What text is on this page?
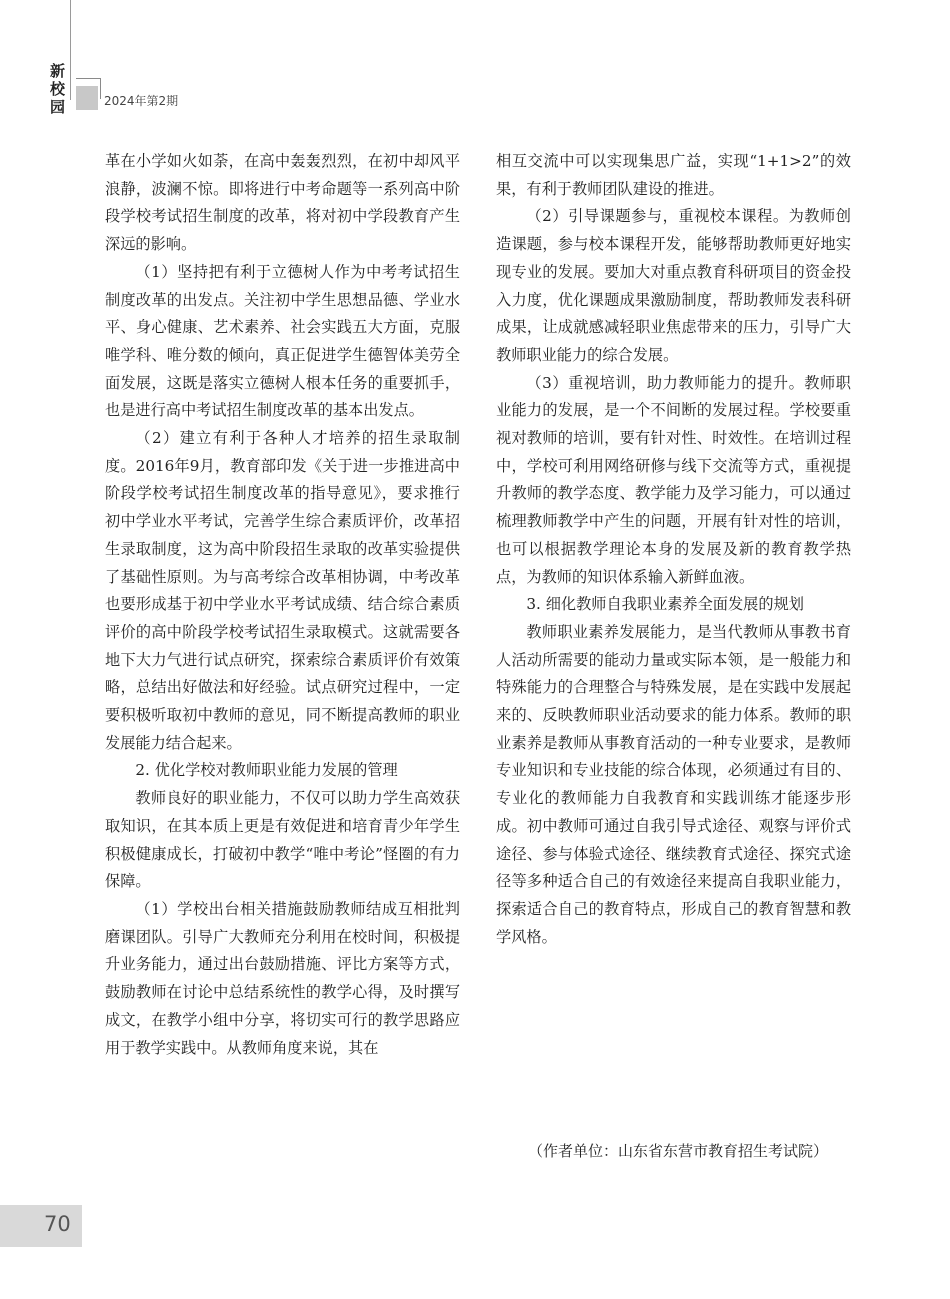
新
校
园	2024年第2期

革在小学如火如荼，在高中轰轰烈烈，在初中却风平浪静，波澜不惊。即将进行中考命题等一系列高中阶段学校考试招生制度的改革，将对初中学段教育产生深远的影响。

（1）坚持把有利于立德树人作为中考考试招生制度改革的出发点。关注初中学生思想品德、学业水平、身心健康、艺术素养、社会实践五大方面，克服唯学科、唯分数的倾向，真正促进学生德智体美劳全面发展，这既是落实立德树人根本任务的重要抓手，也是进行高中考试招生制度改革的基本出发点。

（2）建立有利于各种人才培养的招生录取制度。2016年9月，教育部印发《关于进一步推进高中阶段学校考试招生制度改革的指导意见》，要求推行初中学业水平考试，完善学生综合素质评价，改革招生录取制度，这为高中阶段招生录取的改革实验提供了基础性原则。为与高考综合改革相协调，中考改革也要形成基于初中学业水平考试成绩、结合综合素质评价的高中阶段学校考试招生录取模式。这就需要各地下大力气进行试点研究，探索综合素质评价有效策略，总结出好做法和好经验。试点研究过程中，一定要积极听取初中教师的意见，同不断提高教师的职业发展能力结合起来。

2. 优化学校对教师职业能力发展的管理

教师良好的职业能力，不仅可以助力学生高效获取知识，在其本质上更是有效促进和培育青少年学生积极健康成长，打破初中教学“唯中考论”怪圈的有力保障。

（1）学校出台相关措施鼓励教师结成互相批判磨课团队。引导广大教师充分利用在校时间，积极提升业务能力，通过出台鼓励措施、评比方案等方式，鼓励教师在讨论中总结系统性的教学心得，及时撰写成文，在教学小组中分享，将切实可行的教学思路应用于教学实践中。从教师角度来说，其在

相互交流中可以实现集思广益，实现“1+1>2”的效果，有利于教师团队建设的推进。

（2）引导课题参与，重视校本课程。为教师创造课题，参与校本课程开发，能够帮助教师更好地实现专业的发展。要加大对重点教育科研项目的资金投入力度，优化课题成果激励制度，帮助教师发表科研成果，让成就感减轻职业焦虑带来的压力，引导广大教师职业能力的综合发展。

（3）重视培训，助力教师能力的提升。教师职业能力的发展，是一个不间断的发展过程。学校要重视对教师的培训，要有针对性、时效性。在培训过程中，学校可利用网络研修与线下交流等方式，重视提升教师的教学态度、教学能力及学习能力，可以通过梳理教师教学中产生的问题，开展有针对性的培训，也可以根据教学理论本身的发展及新的教育教学热点，为教师的知识体系输入新鲜血液。

3. 细化教师自我职业素养全面发展的规划

教师职业素养发展能力，是当代教师从事教书育人活动所需要的能动力量或实际本领，是一般能力和特殊能力的合理整合与特殊发展，是在实践中发展起来的、反映教师职业活动要求的能力体系。教师的职业素养是教师从事教育活动的一种专业要求，是教师专业知识和专业技能的综合体现，必须通过有目的、专业化的教师能力自我教育和实践训练才能逐步形成。初中教师可通过自我引导式途径、观察与评价式途径、参与体验式途径、继续教育式途径、探究式途径等多种适合自己的有效途径来提高自我职业能力，探索适合自己的教育特点，形成自己的教育智慧和教学风格。

（作者单位：山东省东营市教育招生考试院）
70
